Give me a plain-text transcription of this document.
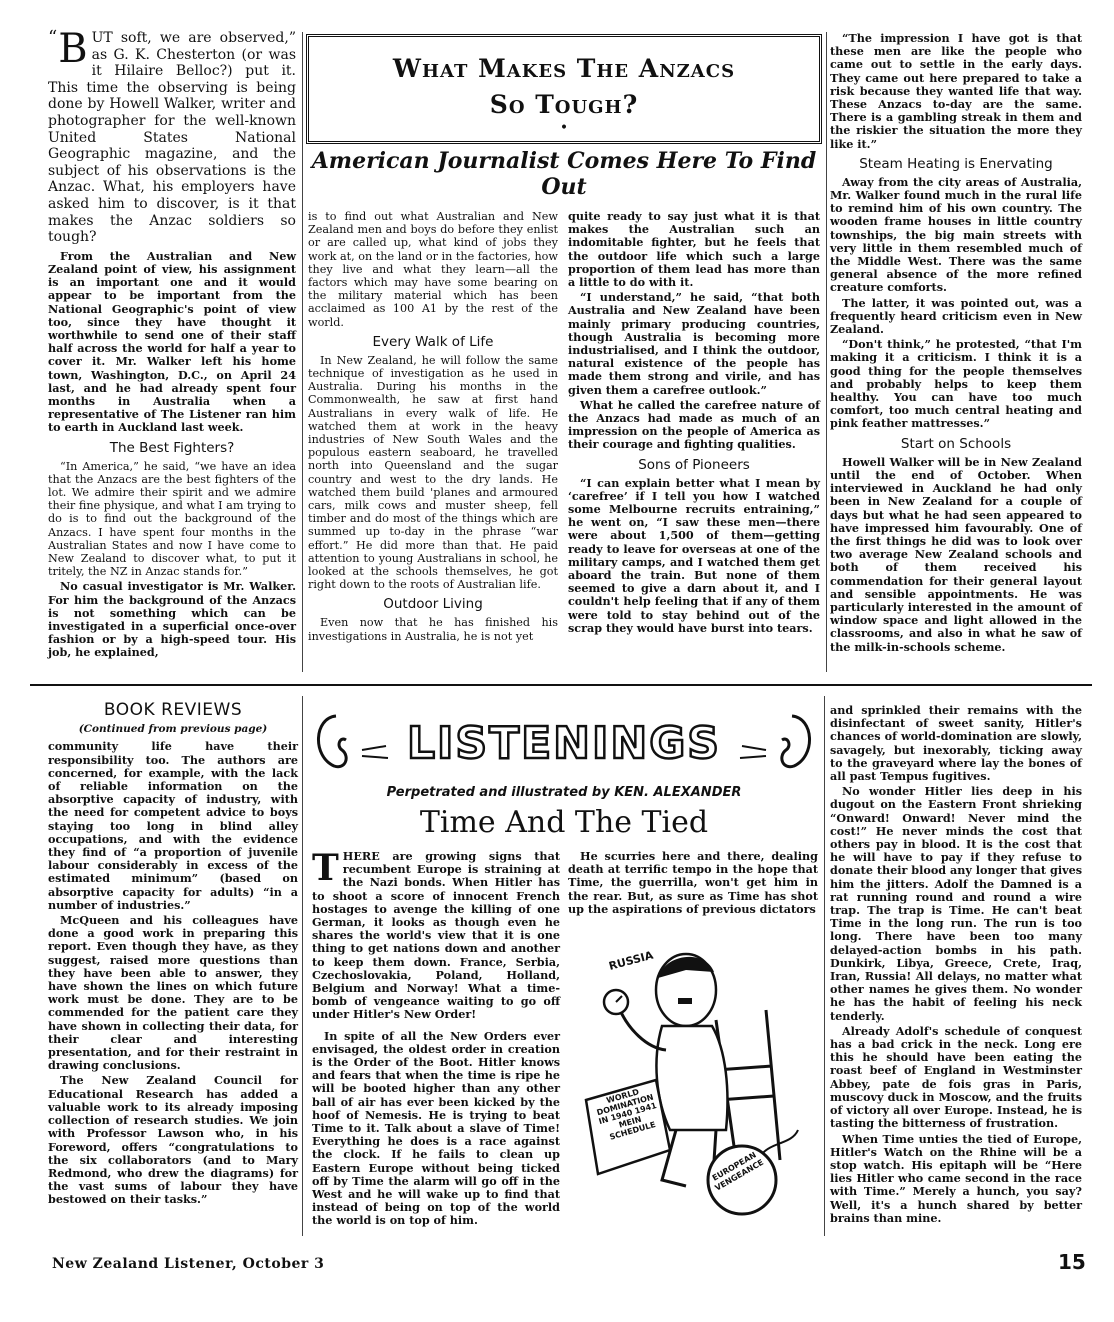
“ B UT soft, we are observed,” as G. K. Chesterton (or was it Hilaire Belloc?) put it. This time the observing is being done by Howell Walker, writer and photographer for the well-known United States National Geographic magazine, and the subject of his observations is the Anzac. What, his employers have asked him to discover, is it that makes the Anzac soldiers so tough?

From the Australian and New Zealand point of view, his assignment is an important one and it would appear to be important from the National Geographic's point of view too, since they have thought it worthwhile to send one of their staff half across the world for half a year to cover it. Mr. Walker left his home town, Washington, D.C., on April 24 last, and he had already spent four months in Australia when a representative of The Listener ran him to earth in Auckland last week.

The Best Fighters?

“In America,” he said, “we have an idea that the Anzacs are the best fighters of the lot. We admire their spirit and we admire their fine physique, and what I am trying to do is to find out the background of the Anzacs. I have spent four months in the Australian States and now I have come to New Zealand to discover what, to put it tritely, the NZ in Anzac stands for.”

No casual investigator is Mr. Walker. For him the background of the Anzacs is not something which can be investigated in a superficial once-over fashion or by a high-speed tour. His job, he explained,

What Makes The Anzacs
So Tough?
•
American Journalist Comes Here To Find Out

is to find out what Australian and New Zealand men and boys do before they enlist or are called up, what kind of jobs they work at, on the land or in the factories, how they live and what they learn—all the factors which may have some bearing on the military material which has been acclaimed as 100 A1 by the rest of the world.

Every Walk of Life

In New Zealand, he will follow the same technique of investigation as he used in Australia. During his months in the Commonwealth, he saw at first hand Australians in every walk of life. He watched them at work in the heavy industries of New South Wales and the populous eastern seaboard, he travelled north into Queensland and the sugar country and west to the dry lands. He watched them build 'planes and armoured cars, milk cows and muster sheep, fell timber and do most of the things which are summed up to-day in the phrase “war effort.” He did more than that. He paid attention to young Australians in school, he looked at the schools themselves, he got right down to the roots of Australian life.

Outdoor Living

Even now that he has finished his investigations in Australia, he is not yet

quite ready to say just what it is that makes the Australian such an indomitable fighter, but he feels that the outdoor life which such a large proportion of them lead has more than a little to do with it.

“I understand,” he said, “that both Australia and New Zealand have been mainly primary producing countries, though Australia is becoming more industrialised, and I think the outdoor, natural existence of the people has made them strong and virile, and has given them a carefree outlook.”

What he called the carefree nature of the Anzacs had made as much of an impression on the people of America as their courage and fighting qualities.

Sons of Pioneers

“I can explain better what I mean by ‘carefree’ if I tell you how I watched some Melbourne recruits entraining,” he went on, “I saw these men—there were about 1,500 of them—getting ready to leave for overseas at one of the military camps, and I watched them get aboard the train. But none of them seemed to give a darn about it, and I couldn't help feeling that if any of them were told to stay behind out of the scrap they would have burst into tears.

“The impression I have got is that these men are like the people who came out to settle in the early days. They came out here prepared to take a risk because they wanted life that way. These Anzacs to-day are the same. There is a gambling streak in them and the riskier the situation the more they like it.”

Steam Heating is Enervating

Away from the city areas of Australia, Mr. Walker found much in the rural life to remind him of his own country. The wooden frame houses in little country townships, the big main streets with very little in them resembled much of the Middle West. There was the same general absence of the more refined creature comforts.

The latter, it was pointed out, was a frequently heard criticism even in New Zealand.

“Don't think,” he protested, “that I'm making it a criticism. I think it is a good thing for the people themselves and probably helps to keep them healthy. You can have too much comfort, too much central heating and pink feather mattresses.”

Start on Schools

Howell Walker will be in New Zealand until the end of October. When interviewed in Auckland he had only been in New Zealand for a couple of days but what he had seen appeared to have impressed him favourably. One of the first things he did was to look over two average New Zealand schools and both of them received his commendation for their general layout and sensible appointments. He was particularly interested in the amount of window space and light allowed in the classrooms, and also in what he saw of the milk-in-schools scheme.

BOOK REVIEWS
(Continued from previous page)

community life have their responsibility too. The authors are concerned, for example, with the lack of reliable information on the absorptive capacity of industry, with the need for competent advice to boys staying too long in blind alley occupations, and with the evidence they find of “a proportion of juvenile labour considerably in excess of the estimated minimum” (based on absorptive capacity for adults) “in a number of industries.”

McQueen and his colleagues have done a good work in preparing this report. Even though they have, as they suggest, raised more questions than they have been able to answer, they have shown the lines on which future work must be done. They are to be commended for the patient care they have shown in collecting their data, for their clear and interesting presentation, and for their restraint in drawing conclusions.

The New Zealand Council for Educational Research has added a valuable work to its already imposing collection of research studies. We join with Professor Lawson who, in his Foreword, offers “congratulations to the six collaborators (and to Mary Redmond, who drew the diagrams) for the vast sums of labour they have bestowed on their tasks.”

LISTENINGS
Perpetrated and illustrated by KEN. ALEXANDER
Time And The Tied

T HERE are growing signs that recumbent Europe is straining at the Nazi bonds. When Hitler has to shoot a score of innocent French hostages to avenge the killing of one German, it looks as though even he shares the world's view that it is one thing to get nations down and another to keep them down. France, Serbia, Czechoslovakia, Poland, Holland, Belgium and Norway! What a time-bomb of vengeance waiting to go off under Hitler's New Order!

In spite of all the New Orders ever envisaged, the oldest order in creation is the Order of the Boot. Hitler knows and fears that when the time is ripe he will be booted higher than any other ball of air has ever been kicked by the hoof of Nemesis. He is trying to beat Time to it. Talk about a slave of Time! Everything he does is a race against the clock. If he fails to clean up Eastern Europe without being ticked off by Time the alarm will go off in the West and he will wake up to find that instead of being on top of the world the world is on top of him.

He scurries here and there, dealing death at terrific tempo in the hope that Time, the guerrilla, won't get him in the rear. But, as sure as Time has shot up the aspirations of previous dictators

RUSSIA
WORLD DOMINATION IN 1940 1941 MEIN SCHEDULE
EUROPEAN VENGEANCE

and sprinkled their remains with the disinfectant of sweet sanity, Hitler's chances of world-domination are slowly, savagely, but inexorably, ticking away to the graveyard where lay the bones of all past Tempus fugitives.

No wonder Hitler lies deep in his dugout on the Eastern Front shrieking “Onward! Onward! Never mind the cost!” He never minds the cost that others pay in blood. It is the cost that he will have to pay if they refuse to donate their blood any longer that gives him the jitters. Adolf the Damned is a rat running round and round a wire trap. The trap is Time. He can't beat Time in the long run. The run is too long. There have been too many delayed-action bombs in his path. Dunkirk, Libya, Greece, Crete, Iraq, Iran, Russia! All delays, no matter what other names he gives them. No wonder he has the habit of feeling his neck tenderly.

Already Adolf's schedule of conquest has a bad crick in the neck. Long ere this he should have been eating the roast beef of England in Westminster Abbey, pate de fois gras in Paris, muscovy duck in Moscow, and the fruits of victory all over Europe. Instead, he is tasting the bitterness of frustration.

When Time unties the tied of Europe, Hitler's Watch on the Rhine will be a stop watch. His epitaph will be “Here lies Hitler who came second in the race with Time.” Merely a hunch, you say? Well, it's a hunch shared by better brains than mine.

New Zealand Listener, October 3	15
